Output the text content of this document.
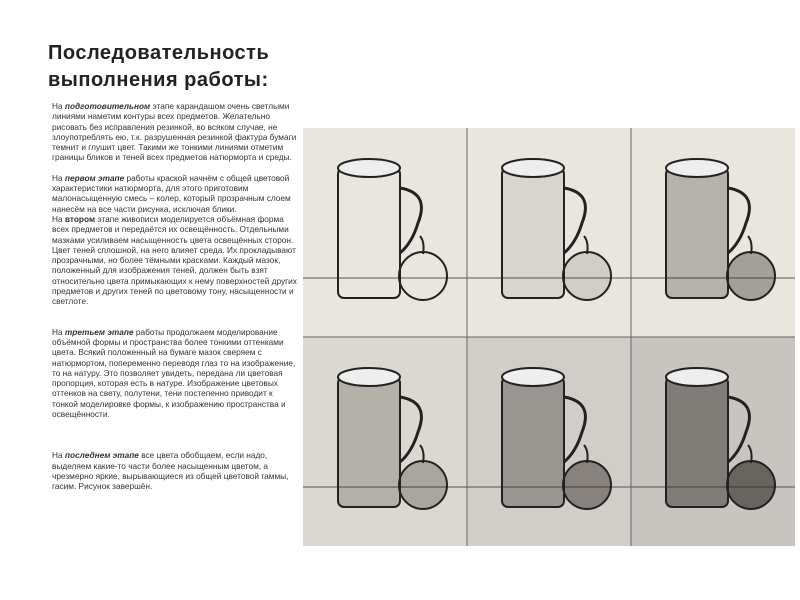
Последовательность выполнения работы:

На подготовительном этапе карандашом очень светлыми линиями наметим контуры всех предметов. Желательно рисовать без исправления резинкой, во всяком случае, не злоупотреблять ею, т.к. разрушенная резинкой фактура бумаги темнит и глушит цвет. Такими же тонкими линиями отметим границы бликов и теней всех предметов натюрморта и среды.

На первом этапе работы краской начнём с общей цветовой характеристики натюрморта, для этого приготовим малонасыщенную смесь – колер, который прозрачным слоем нанесём на все части рисунка, исключая блики.

На втором этапе живописи моделируется объёмная форма всех предметов и передаётся их освещённость. Отдельными мазками усиливаем насыщенность цвета освещённых сторон. Цвет теней сплошной, на него влияет среда. Их прокладывают прозрачными, но более тёмными красками. Каждый мазок, положенный для изображения теней, должен быть взят относительно цвета примыкающих к нему поверхностей других предметов и других теней по цветовому тону, насыщенности и светлоте.

На третьем этапе работы продолжаем моделирование объёмной формы и пространства более тонкими оттенками цвета. Всякий положенный на бумаге мазок сверяем с натюрмортом, попеременно переводя глаз то на изображение, то на натуру. Это позволяет увидеть, передана ли цветовая пропорция, которая есть в натуре. Изображение цветовых оттенков на свету, полутени, тени постепенно приводит к тонкой моделировке формы, к изображению пространства и освещённости.

На последнем этапе все цвета обобщаем, если надо, выделяем какие-то части более насыщенным цветом, а чрезмерно яркие, вырывающиеся из общей цветовой гаммы, гасим. Рисунок завершён.
